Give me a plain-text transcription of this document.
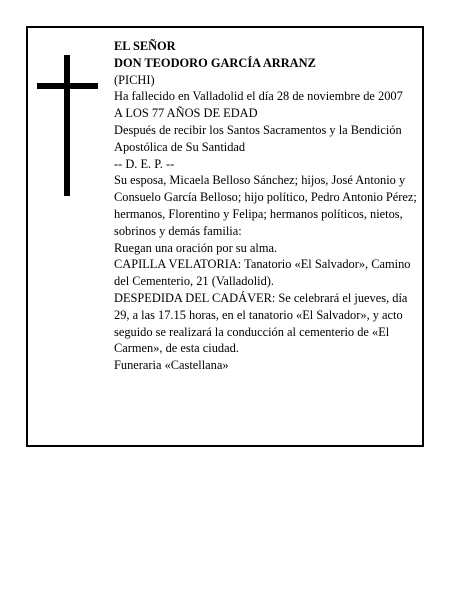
EL SEÑOR

DON TEODORO GARCÍA ARRANZ

(PICHI)

Ha fallecido en Valladolid el día 28 de noviembre de 2007

A LOS 77 AÑOS DE EDAD

Después de recibir los Santos Sacramentos y la Bendición Apostólica de Su Santidad

-- D. E. P. --

Su esposa, Micaela Belloso Sánchez; hijos, José Antonio y Consuelo García Belloso; hijo político, Pedro Antonio Pérez; hermanos, Florentino y Felipa; hermanos políticos, nietos, sobrinos y demás familia:

Ruegan una oración por su alma.

CAPILLA VELATORIA: Tanatorio «El Salvador», Camino del Cementerio, 21 (Valladolid).

DESPEDIDA DEL CADÁVER: Se celebrará el jueves, día 29, a las 17.15 horas, en el tanatorio «El Salvador», y acto seguido se realizará la conducción al cementerio de «El Carmen», de esta ciudad.

Funeraria «Castellana»
